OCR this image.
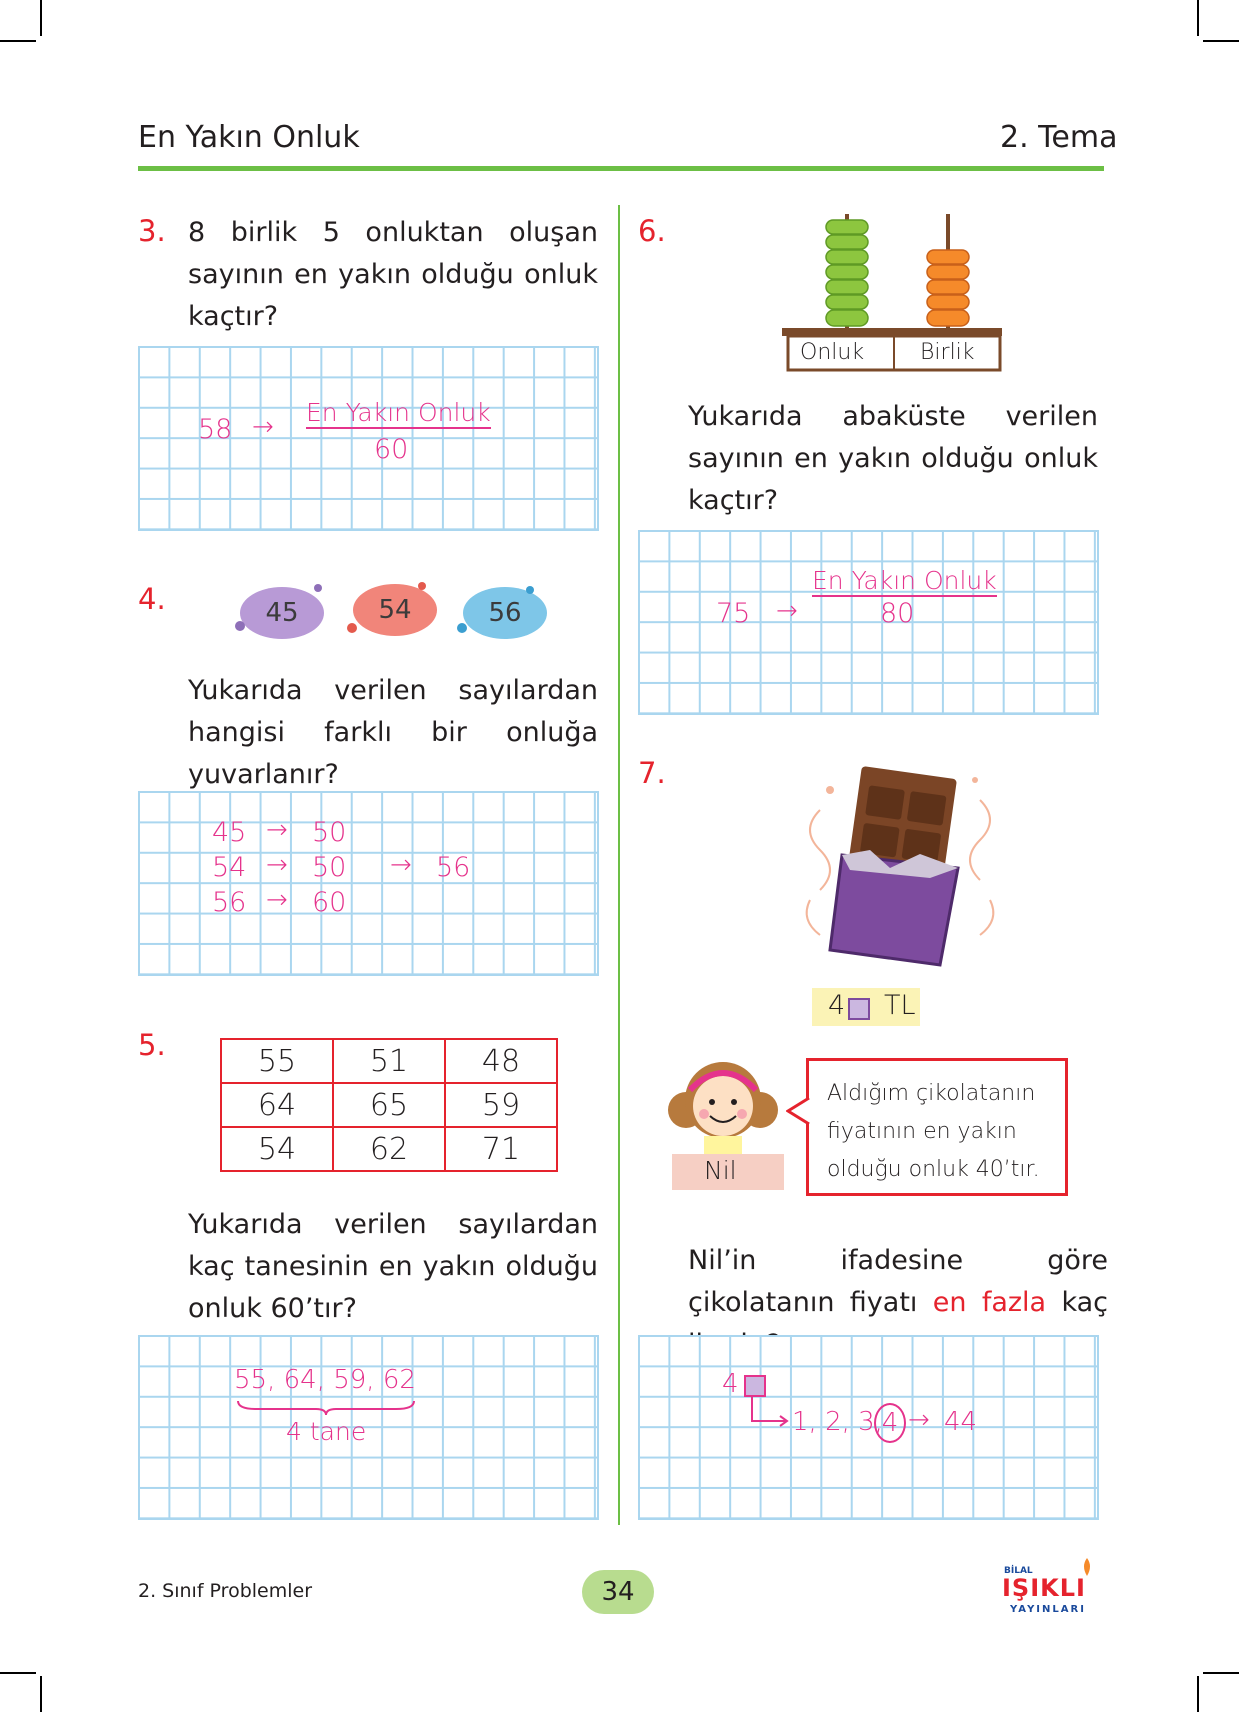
En Yakın Onluk	2. Tema
3. 8 birlik 5 onluktan oluşan sayının en yakın olduğu onluk kaçtır?
58 → En Yakın Onluk
60
4.	45	54	56
Yukarıda verilen sayılardan hangisi farklı bir onluğa yuvarlanır?
45 → 50
54 → 50
56 → 60
→ 56
5.	55	51	48
64	65	59
54	62	71
Yukarıda verilen sayılardan kaç tanesinin en yakın olduğu onluk 60’tır?
55, 64, 59, 62
4 tane
6.
Onluk	Birlik
Yukarıda abaküste verilen sayının en yakın olduğu onluk kaçtır?
En Yakın Onluk
75 →	80
7.
4 TL
Nil
Aldığım çikolatanın
fiyatının en yakın
olduğu onluk 40’tır.
Nil’in ifadesine göre çikolatanın fiyatı en fazla kaç
4
1, 2, 3,
4 → 44
2. Sınıf Problemler	34
BİLAL
IŞIKLI
YAYINLARI
